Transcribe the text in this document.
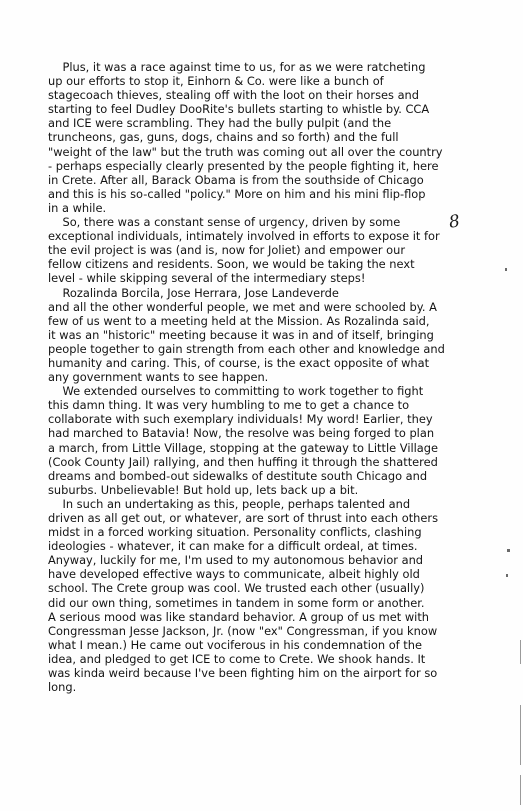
Plus, it was a race against time to us, for as we were ratcheting
up our efforts to stop it, Einhorn & Co. were like a bunch of
stagecoach thieves, stealing off with the loot on their horses and
starting to feel Dudley DooRite's bullets starting to whistle by. CCA
and ICE were scrambling. They had the bully pulpit (and the
truncheons, gas, guns, dogs, chains and so forth) and the full
"weight of the law" but the truth was coming out all over the country
- perhaps especially clearly presented by the people fighting it, here
in Crete. After all, Barack Obama is from the southside of Chicago
and this is his so-called "policy." More on him and his mini flip-flop
in a while.
So, there was a constant sense of urgency, driven by some
exceptional individuals, intimately involved in efforts to expose it for
the evil project is was (and is, now for Joliet) and empower our
fellow citizens and residents. Soon, we would be taking the next
level - while skipping several of the intermediary steps!
Rozalinda Borcila, Jose Herrara, Jose Landeverde
and all the other wonderful people, we met and were schooled by. A
few of us went to a meeting held at the Mission. As Rozalinda said,
it was an "historic" meeting because it was in and of itself, bringing
people together to gain strength from each other and knowledge and
humanity and caring. This, of course, is the exact opposite of what
any government wants to see happen.
We extended ourselves to committing to work together to fight
this damn thing. It was very humbling to me to get a chance to
collaborate with such exemplary individuals! My word! Earlier, they
had marched to Batavia! Now, the resolve was being forged to plan
a march, from Little Village, stopping at the gateway to Little Village
(Cook County Jail) rallying, and then huffing it through the shattered
dreams and bombed-out sidewalks of destitute south Chicago and
suburbs. Unbelievable! But hold up, lets back up a bit.
In such an undertaking as this, people, perhaps talented and
driven as all get out, or whatever, are sort of thrust into each others
midst in a forced working situation. Personality conflicts, clashing
ideologies - whatever, it can make for a difficult ordeal, at times.
Anyway, luckily for me, I'm used to my autonomous behavior and
have developed effective ways to communicate, albeit highly old
school. The Crete group was cool. We trusted each other (usually)
did our own thing, sometimes in tandem in some form or another.
A serious mood was like standard behavior. A group of us met with
Congressman Jesse Jackson, Jr. (now "ex" Congressman, if you know
what I mean.) He came out vociferous in his condemnation of the
idea, and pledged to get ICE to come to Crete. We shook hands. It
was kinda weird because I've been fighting him on the airport for so
long.
8
